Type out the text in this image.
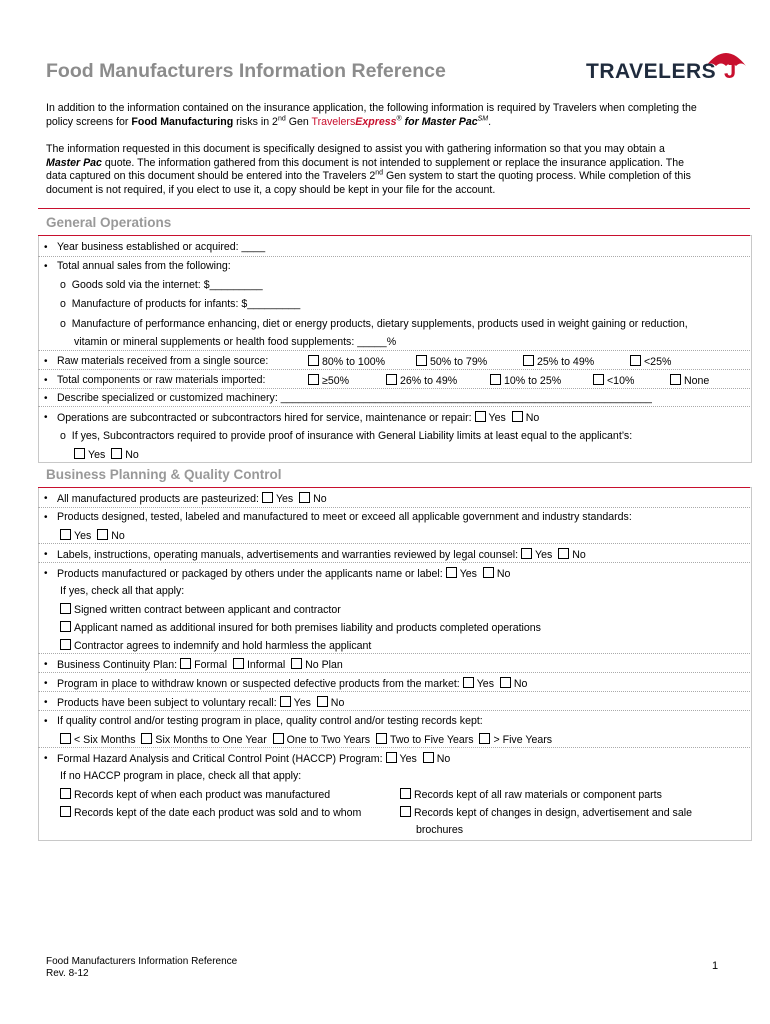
Food Manufacturers Information Reference	TRAVELERS J
In addition to the information contained on the insurance application, the following information is required by Travelers when completing the
policy screens for Food Manufacturing risks in 2nd Gen TravelersExpress® for Master Pac℠.
The information requested in this document is specifically designed to assist you with gathering information so that you may obtain a
Master Pac quote. The information gathered from this document is not intended to supplement or replace the insurance application. The
data captured on this document should be entered into the Travelers 2nd Gen system to start the quoting process. While completion of this
document is not required, if you elect to use it, a copy should be kept in your file for the account.
General Operations
• Year business established or acquired: ____
• Total annual sales from the following:
o  Goods sold via the internet: $_________
o  Manufacture of products for infants: $_________
o  Manufacture of performance enhancing, diet or energy products, dietary supplements, products used in weight gaining or reduction,
vitamin or mineral supplements or health food supplements: _____%
• Raw materials received from a single source:	80% to 100%	50% to 79%	25% to 49%	<25%
• Total components or raw materials imported:	≥50%	26% to 49%	10% to 25%	<10%	None
• Describe specialized or customized machinery: _______________________________________________________________
• Operations are subcontracted or subcontractors hired for service, maintenance or repair: Yes No
o  If yes, Subcontractors required to provide proof of insurance with General Liability limits at least equal to the applicant’s:
Yes No
Business Planning & Quality Control
• All manufactured products are pasteurized: Yes No
• Products designed, tested, labeled and manufactured to meet or exceed all applicable government and industry standards:
Yes No
• Labels, instructions, operating manuals, advertisements and warranties reviewed by legal counsel: Yes No
• Products manufactured or packaged by others under the applicants name or label: Yes No
If yes, check all that apply:
Signed written contract between applicant and contractor
Applicant named as additional insured for both premises liability and products completed operations
Contractor agrees to indemnify and hold harmless the applicant
• Business Continuity Plan: Formal Informal No Plan
• Program in place to withdraw known or suspected defective products from the market: Yes No
• Products have been subject to voluntary recall: Yes No
• If quality control and/or testing program in place, quality control and/or testing records kept:
< Six Months Six Months to One Year One to Two Years Two to Five Years > Five Years
• Formal Hazard Analysis and Critical Control Point (HACCP) Program: Yes No
If no HACCP program in place, check all that apply:
Records kept of when each product was manufactured	Records kept of all raw materials or component parts
Records kept of the date each product was sold and to whom	Records kept of changes in design, advertisement and sale
brochures
Food Manufacturers Information Reference
Rev. 8-12
1
